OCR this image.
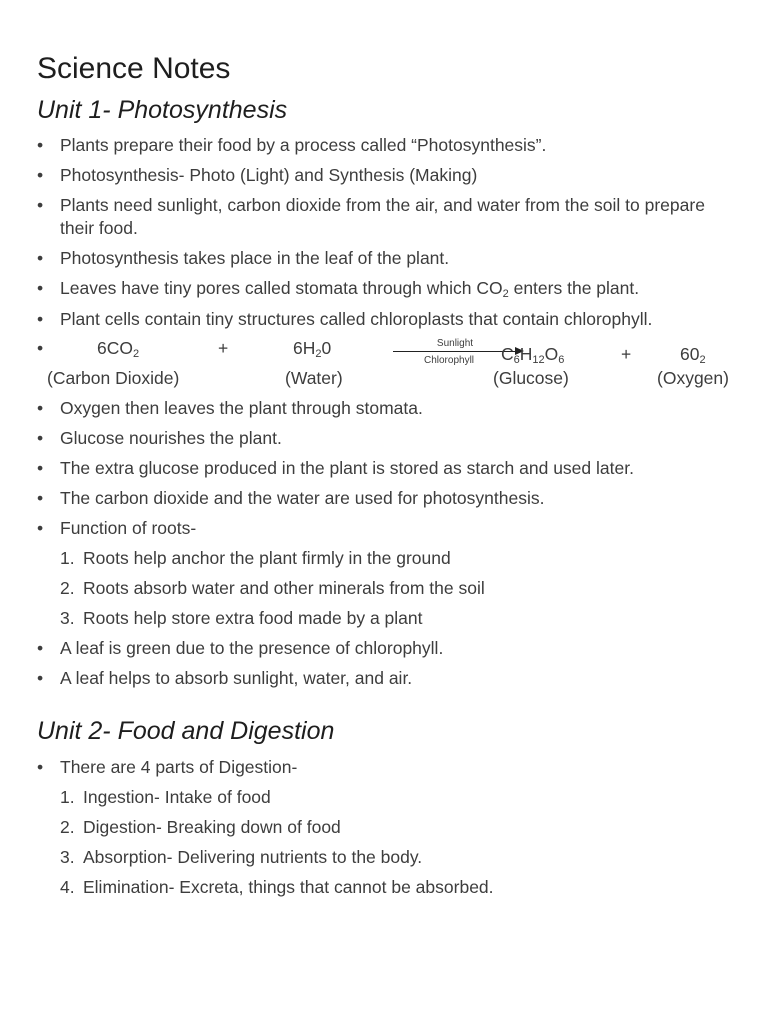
Science Notes
Unit 1- Photosynthesis
•
Plants prepare their food by a process called “Photosynthesis”.
•
Photosynthesis- Photo (Light) and Synthesis (Making)
•
Plants need sunlight, carbon dioxide from the air, and water from the soil to prepare their food.
•
Photosynthesis takes place in the leaf of the plant.
•
Leaves have tiny pores called stomata through which $CO_2$ enters the plant.
•
Plant cells contain tiny structures called chloroplasts that contain chlorophyll.
•	$6CO_2$	+	$6H_20$	Sunlight
Chlorophyll	$C_6H_{12}O_6$	+	$60_2$
(Carbon Dioxide)	(Water)	(Glucose)	(Oxygen)
•
Oxygen then leaves the plant through stomata.
•
Glucose nourishes the plant.
•
The extra glucose produced in the plant is stored as starch and used later.
•
The carbon dioxide and the water are used for photosynthesis.
•
Function of roots-
1. Roots help anchor the plant firmly in the ground
2. Roots absorb water and other minerals from the soil
3. Roots help store extra food made by a plant
•
A leaf is green due to the presence of chlorophyll.
•
A leaf helps to absorb sunlight, water, and air.
Unit 2- Food and Digestion
•
There are 4 parts of Digestion-
1. Ingestion- Intake of food
2. Digestion- Breaking down of food
3. Absorption- Delivering nutrients to the body.
4. Elimination- Excreta, things that cannot be absorbed.
